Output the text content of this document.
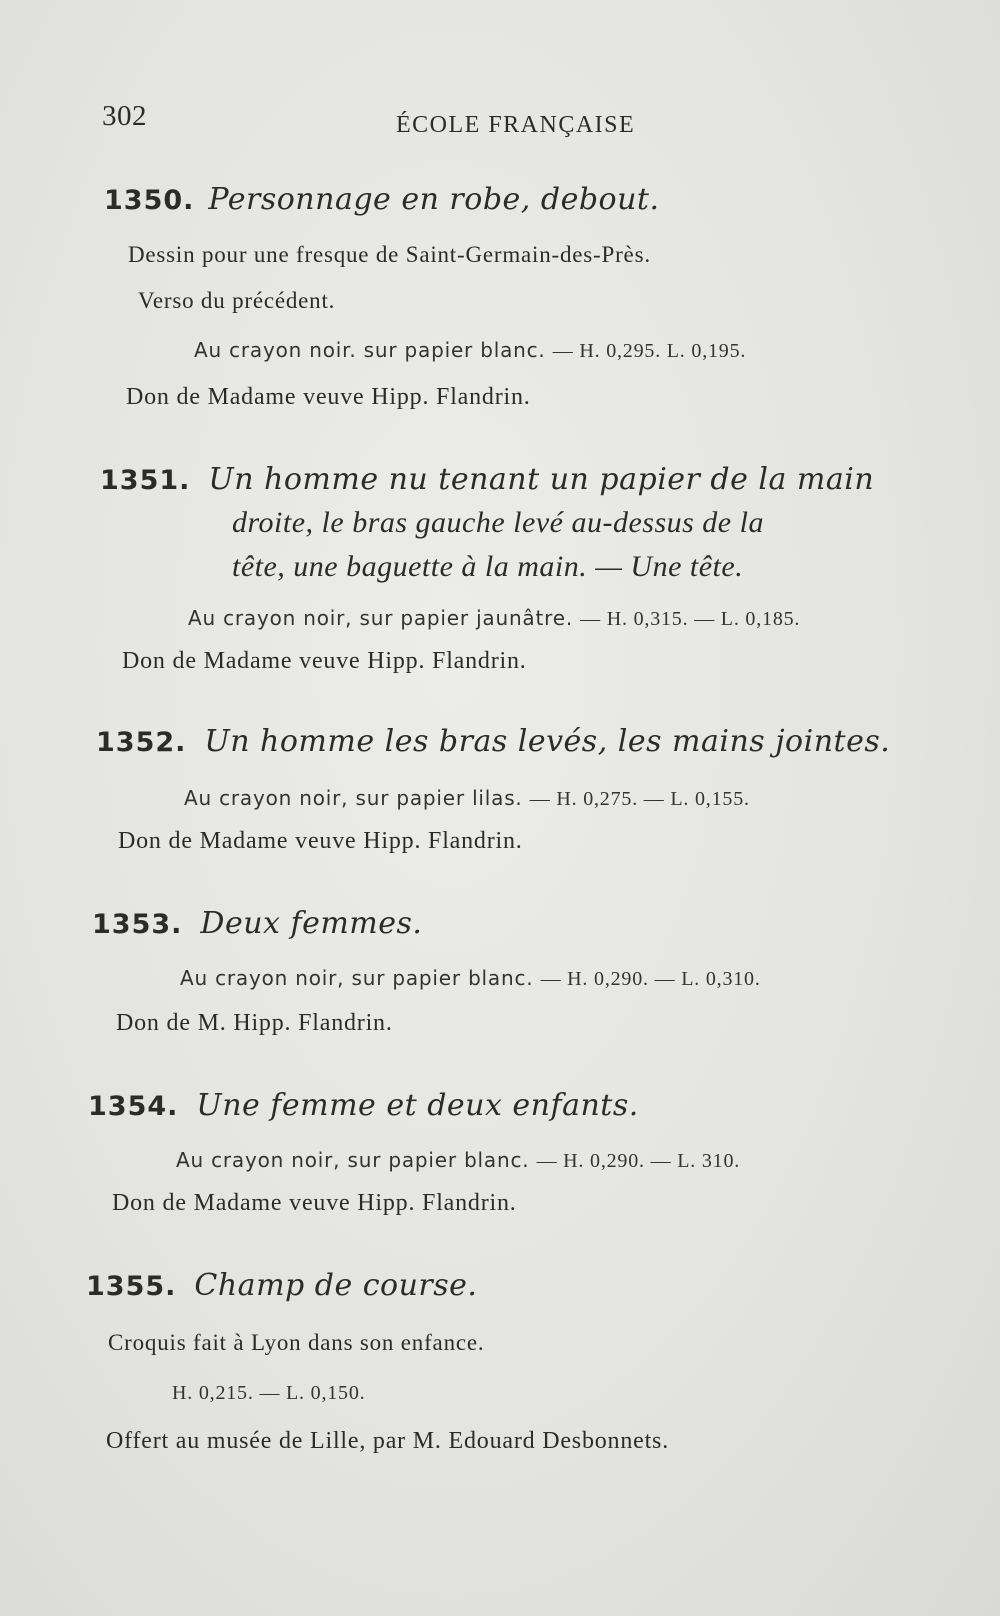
302	ÉCOLE FRANÇAISE
1350. Personnage en robe, debout.
Dessin pour une fresque de Saint-Germain-des-Près.
Verso du précédent.
Au crayon noir. sur papier blanc. — H. 0,295. L. 0,195.
Don de Madame veuve Hipp. Flandrin.
1351. Un homme nu tenant un papier de la main
droite, le bras gauche levé au-dessus de la
tête, une baguette à la main. — Une tête.
Au crayon noir, sur papier jaunâtre. — H. 0,315. — L. 0,185.
Don de Madame veuve Hipp. Flandrin.
1352. Un homme les bras levés, les mains jointes.
Au crayon noir, sur papier lilas. — H. 0,275. — L. 0,155.
Don de Madame veuve Hipp. Flandrin.
1353. Deux femmes.
Au crayon noir, sur papier blanc. — H. 0,290. — L. 0,310.
Don de M. Hipp. Flandrin.
1354. Une femme et deux enfants.
Au crayon noir, sur papier blanc. — H. 0,290. — L. 310.
Don de Madame veuve Hipp. Flandrin.
1355. Champ de course.
Croquis fait à Lyon dans son enfance.
H. 0,215. — L. 0,150.
Offert au musée de Lille, par M. Edouard Desbonnets.
